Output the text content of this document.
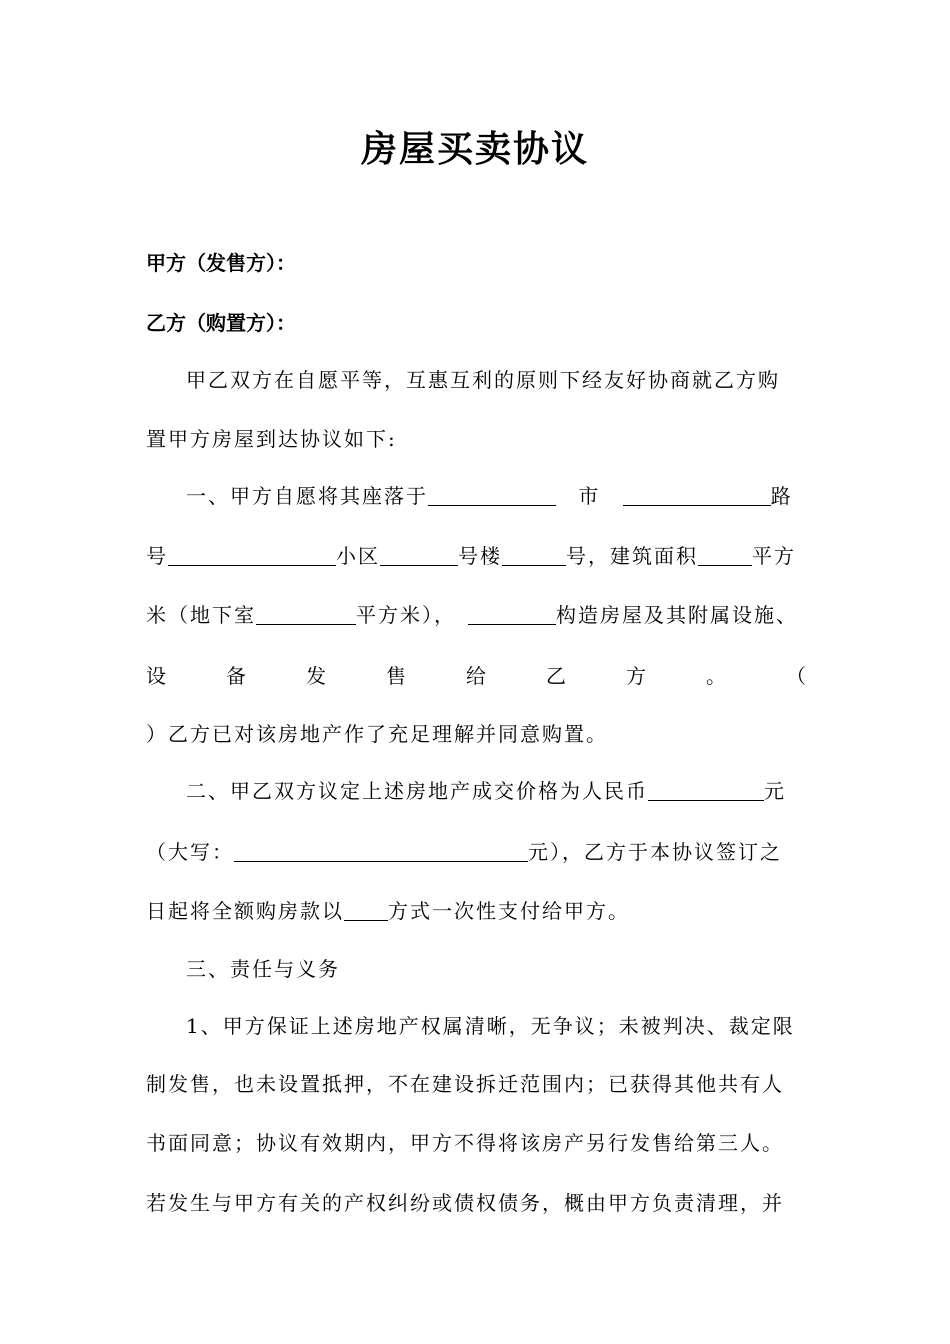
房屋买卖协议
甲方（发售方）：
乙方（购置方）：
甲乙双方在自愿平等，互惠互利的原则下经友好协商就乙方购
置甲方房屋到达协议如下:
一、甲方自愿将其座落于	市	路
号	小区	号楼	号，建筑面积	平方
米（地下室	平方米），	构造房屋及其附属设施、
设	备	发	售	给	乙	方	。	（
）乙方已对该房地产作了充足理解并同意购置。
二、甲乙双方议定上述房地产成交价格为人民币	元
（大写：	元），乙方于本协议签订之
日起将全额购房款以 方式一次性支付给甲方。
三、责任与义务
1、甲方保证上述房地产权属清晰，无争议；未被判决、裁定限
制发售，也未设置抵押，不在建设拆迁范围内；已获得其他共有人
书面同意；协议有效期内，甲方不得将该房产另行发售给第三人。
若发生与甲方有关的产权纠纷或债权债务，概由甲方负责清理，并
